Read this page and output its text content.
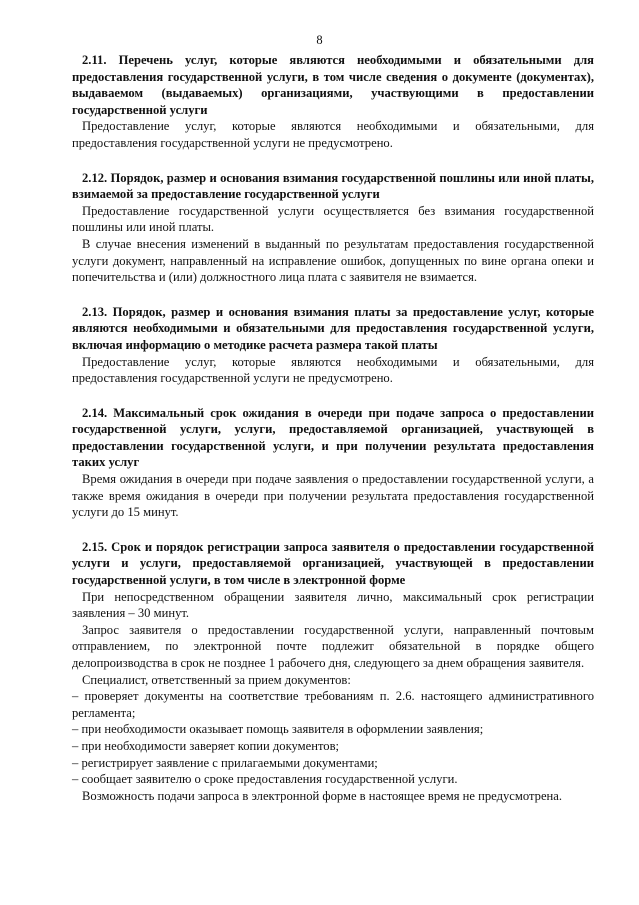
8
2.11. Перечень услуг, которые являются необходимыми и обязательными для предоставления государственной услуги, в том числе сведения о документе (документах), выдаваемом (выдаваемых) организациями, участвующими в предоставлении государственной услуги

Предоставление услуг, которые являются необходимыми и обязательными, для предоставления государственной услуги не предусмотрено.

2.12. Порядок, размер и основания взимания государственной пошлины или иной платы, взимаемой за предоставление государственной услуги

Предоставление государственной услуги осуществляется без взимания государственной пошлины или иной платы.

В случае внесения изменений в выданный по результатам предоставления государственной услуги документ, направленный на исправление ошибок, допущенных по вине органа опеки и попечительства и (или) должностного лица плата с заявителя не взимается.

2.13. Порядок, размер и основания взимания платы за предоставление услуг, которые являются необходимыми и обязательными для предоставления государственной услуги, включая информацию о методике расчета размера такой платы

Предоставление услуг, которые являются необходимыми и обязательными, для предоставления государственной услуги не предусмотрено.

2.14. Максимальный срок ожидания в очереди при подаче запроса о предоставлении государственной услуги, услуги, предоставляемой организацией, участвующей в предоставлении государственной услуги, и при получении результата предоставления таких услуг

Время ожидания в очереди при подаче заявления о предоставлении государственной услуги, а также время ожидания в очереди при получении результата предоставления государственной услуги до 15 минут.

2.15. Срок и порядок регистрации запроса заявителя о предоставлении государственной услуги и услуги, предоставляемой организацией, участвующей в предоставлении государственной услуги, в том числе в электронной форме

При непосредственном обращении заявителя лично, максимальный срок регистрации заявления – 30 минут.

Запрос заявителя о предоставлении государственной услуги, направленный почтовым отправлением, по электронной почте подлежит обязательной в порядке общего делопроизводства в срок не позднее 1 рабочего дня, следующего за днем обращения заявителя.

Специалист, ответственный за прием документов:

– проверяет документы на соответствие требованиям п. 2.6. настоящего административного регламента;

– при необходимости оказывает помощь заявителя в оформлении заявления;

– при необходимости заверяет копии документов;

– регистрирует заявление с прилагаемыми документами;

– сообщает заявителю о сроке предоставления государственной услуги.

Возможность подачи запроса в электронной форме в настоящее время не предусмотрена.
